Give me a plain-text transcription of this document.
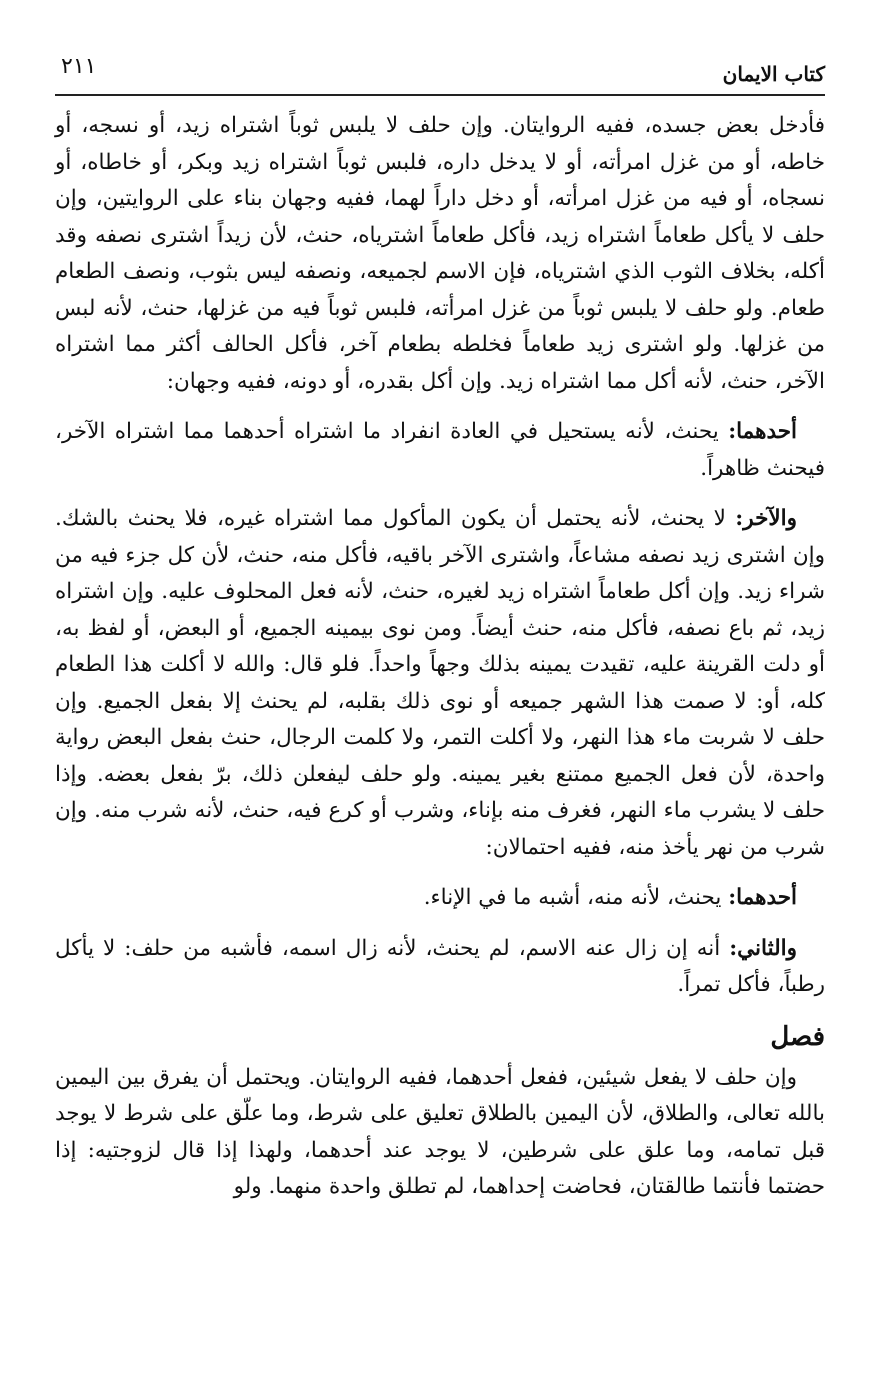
كتاب الايمان
٢١١

فأدخل بعض جسده، ففيه الروايتان. وإن حلف لا يلبس ثوباً اشتراه زيد، أو نسجه، أو خاطه، أو من غزل امرأته، أو لا يدخل داره، فلبس ثوباً اشتراه زيد وبكر، أو خاطاه، أو نسجاه، أو فيه من غزل امرأته، أو دخل داراً لهما، ففيه وجهان بناء على الروايتين، وإن حلف لا يأكل طعاماً اشتراه زيد، فأكل طعاماً اشترياه، حنث، لأن زيداً اشترى نصفه وقد أكله، بخلاف الثوب الذي اشترياه، فإن الاسم لجميعه، ونصفه ليس بثوب، ونصف الطعام طعام. ولو حلف لا يلبس ثوباً من غزل امرأته، فلبس ثوباً فيه من غزلها، حنث، لأنه لبس من غزلها. ولو اشترى زيد طعاماً فخلطه بطعام آخر، فأكل الحالف أكثر مما اشتراه الآخر، حنث، لأنه أكل مما اشتراه زيد. وإن أكل بقدره، أو دونه، ففيه وجهان:

أحدهما: يحنث، لأنه يستحيل في العادة انفراد ما اشتراه أحدهما مما اشتراه الآخر، فيحنث ظاهراً.

والآخر: لا يحنث، لأنه يحتمل أن يكون المأكول مما اشتراه غيره، فلا يحنث بالشك. وإن اشترى زيد نصفه مشاعاً، واشترى الآخر باقيه، فأكل منه، حنث، لأن كل جزء فيه من شراء زيد. وإن أكل طعاماً اشتراه زيد لغيره، حنث، لأنه فعل المحلوف عليه. وإن اشتراه زيد، ثم باع نصفه، فأكل منه، حنث أيضاً. ومن نوى بيمينه الجميع، أو البعض، أو لفظ به، أو دلت القرينة عليه، تقيدت يمينه بذلك وجهاً واحداً. فلو قال: والله لا أكلت هذا الطعام كله، أو: لا صمت هذا الشهر جميعه أو نوى ذلك بقلبه، لم يحنث إلا بفعل الجميع. وإن حلف لا شربت ماء هذا النهر، ولا أكلت التمر، ولا كلمت الرجال، حنث بفعل البعض رواية واحدة، لأن فعل الجميع ممتنع بغير يمينه. ولو حلف ليفعلن ذلك، برّ بفعل بعضه. وإذا حلف لا يشرب ماء النهر، فغرف منه بإناء، وشرب أو كرع فيه، حنث، لأنه شرب منه. وإن شرب من نهر يأخذ منه، ففيه احتمالان:

أحدهما: يحنث، لأنه منه، أشبه ما في الإناء.

والثاني: أنه إن زال عنه الاسم، لم يحنث، لأنه زال اسمه، فأشبه من حلف: لا يأكل رطباً، فأكل تمراً.

فصل

وإن حلف لا يفعل شيئين، ففعل أحدهما، ففيه الروايتان. ويحتمل أن يفرق بين اليمين بالله تعالى، والطلاق، لأن اليمين بالطلاق تعليق على شرط، وما علّق على شرط لا يوجد قبل تمامه، وما علق على شرطين، لا يوجد عند أحدهما، ولهذا إذا قال لزوجتيه: إذا حضتما فأنتما طالقتان، فحاضت إحداهما، لم تطلق واحدة منهما. ولو
